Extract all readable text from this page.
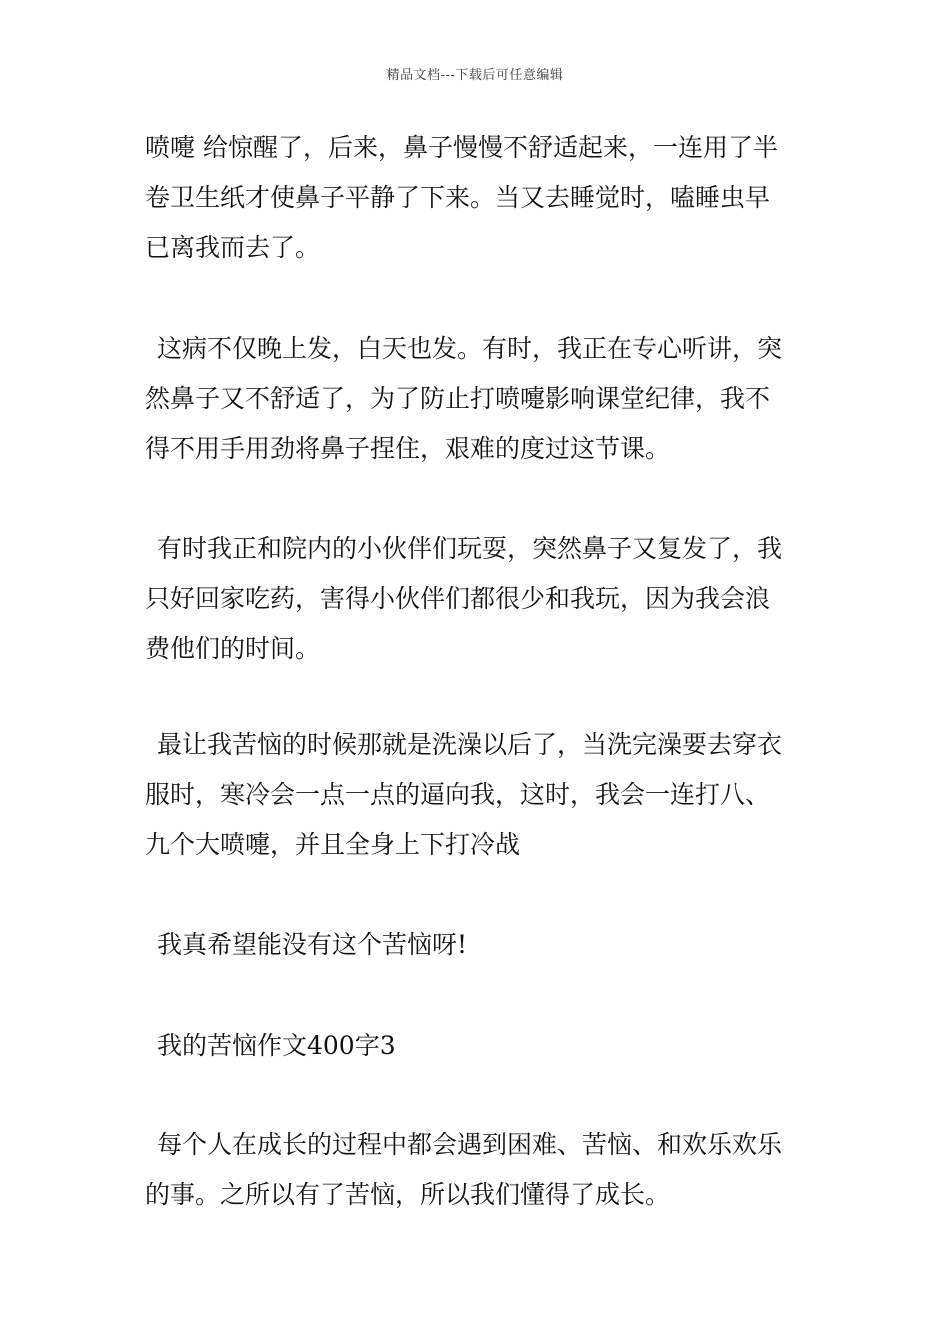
精品文档---下载后可任意编辑
喷嚏 给惊醒了，后来，鼻子慢慢不舒适起来，一连用了半
卷卫生纸才使鼻子平静了下来。当又去睡觉时，嗑睡虫早
已离我而去了。
这病不仅晚上发，白天也发。有时，我正在专心听讲，突
然鼻子又不舒适了，为了防止打喷嚏影响课堂纪律，我不
得不用手用劲将鼻子捏住，艰难的度过这节课。
有时我正和院内的小伙伴们玩耍，突然鼻子又复发了，我
只好回家吃药，害得小伙伴们都很少和我玩，因为我会浪
费他们的时间。
最让我苦恼的时候那就是洗澡以后了，当洗完澡要去穿衣
服时，寒冷会一点一点的逼向我，这时，我会一连打八、
九个大喷嚏，并且全身上下打冷战
我真希望能没有这个苦恼呀!
我的苦恼作文400字3
每个人在成长的过程中都会遇到困难、苦恼、和欢乐欢乐
的事。之所以有了苦恼，所以我们懂得了成长。
